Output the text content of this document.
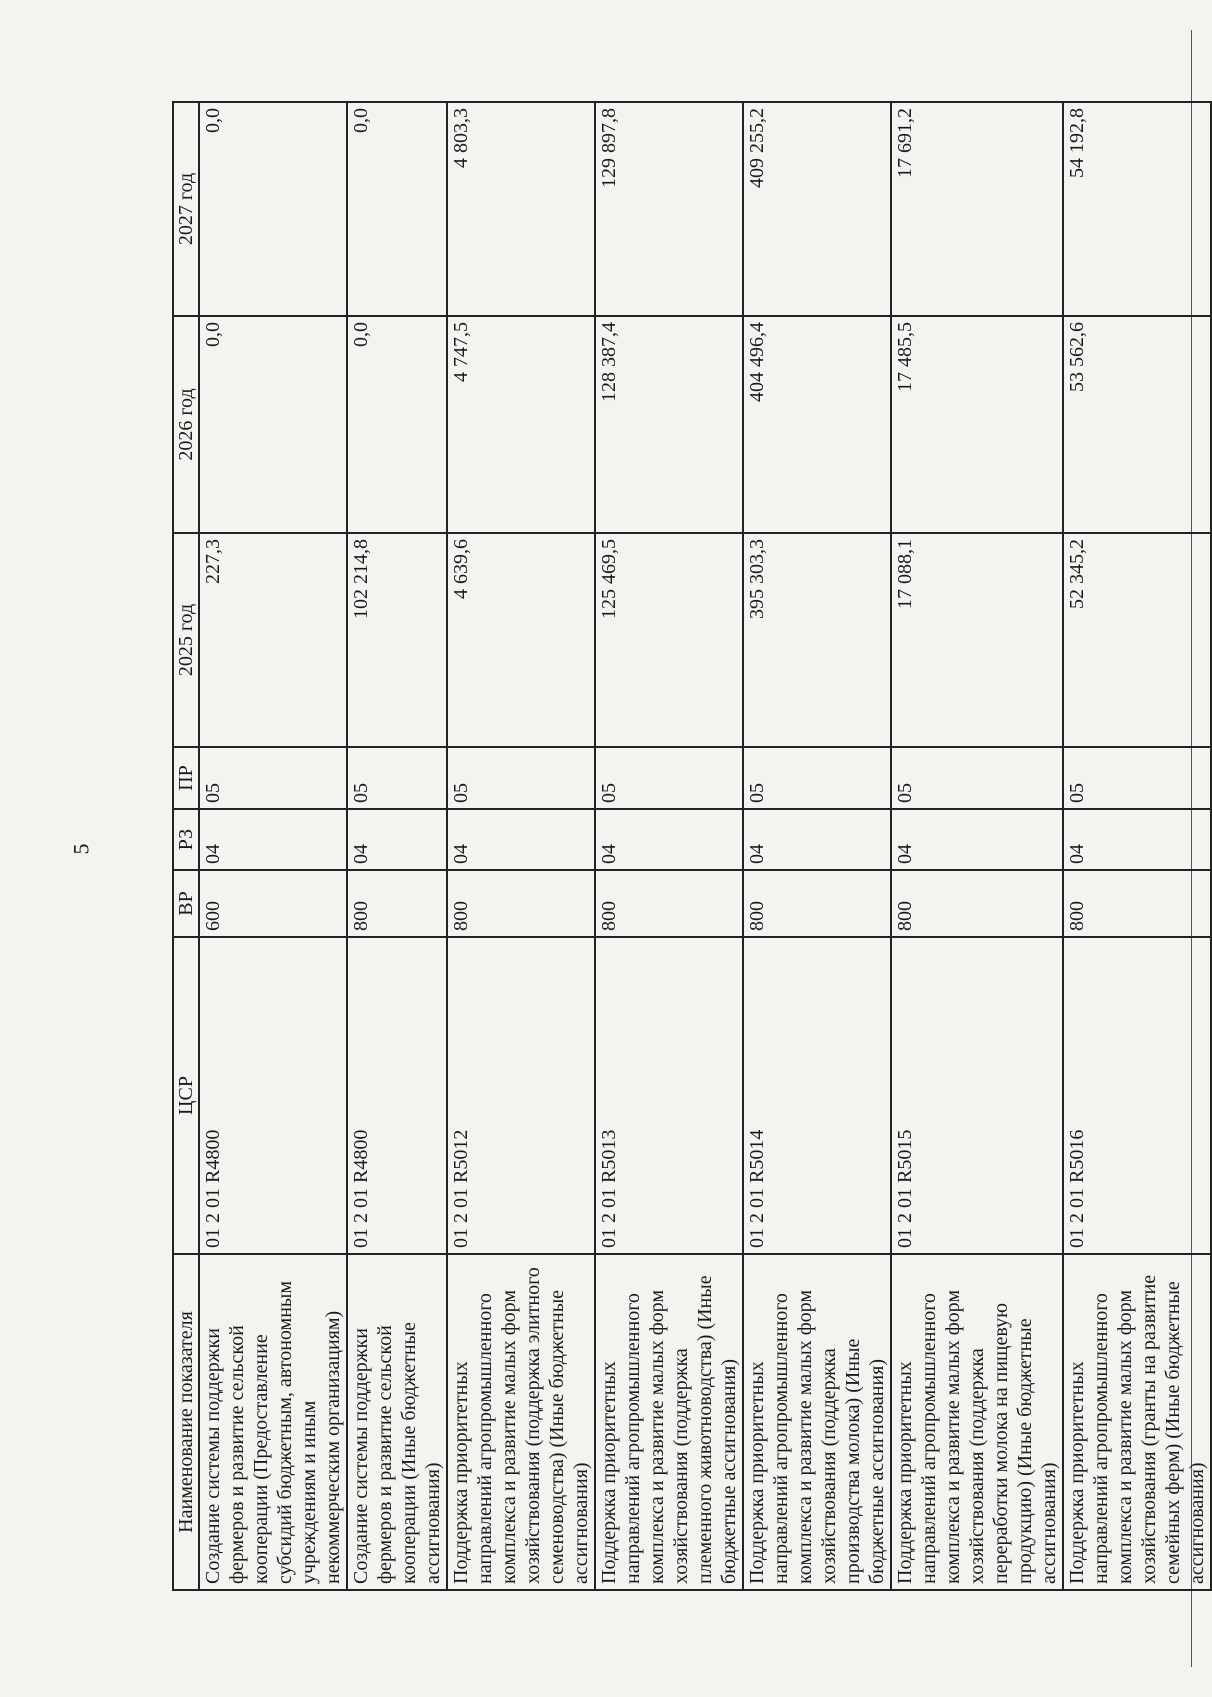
5
Наименование показателя	ЦСР	ВР	РЗ	ПР	2025 год	2026 год	2027 год
Создание системы поддержки фермеров и развитие сельской кооперации (Предоставление субсидий бюджетным, автономным учреждениям и иным некоммерческим организациям)	01 2 01 R4800	600	04	05	227,3	0,0	0,0
Создание системы поддержки фермеров и развитие сельской кооперации (Иные бюджетные ассигнования)	01 2 01 R4800	800	04	05	102 214,8	0,0	0,0
Поддержка приоритетных направлений агропромышленного комплекса и развитие малых форм хозяйствования (поддержка элитного семеноводства) (Иные бюджетные ассигнования)	01 2 01 R5012	800	04	05	4 639,6	4 747,5	4 803,3
Поддержка приоритетных направлений агропромышленного комплекса и развитие малых форм хозяйствования (поддержка племенного животноводства) (Иные бюджетные ассигнования)	01 2 01 R5013	800	04	05	125 469,5	128 387,4	129 897,8
Поддержка приоритетных направлений агропромышленного комплекса и развитие малых форм хозяйствования (поддержка производства молока) (Иные бюджетные ассигнования)	01 2 01 R5014	800	04	05	395 303,3	404 496,4	409 255,2
Поддержка приоритетных направлений агропромышленного комплекса и развитие малых форм хозяйствования (поддержка переработки молока на пищевую продукцию) (Иные бюджетные ассигнования)	01 2 01 R5015	800	04	05	17 088,1	17 485,5	17 691,2
Поддержка приоритетных направлений агропромышленного комплекса и развитие малых форм хозяйствования (гранты на развитие семейных ферм) (Иные бюджетные ассигнования)	01 2 01 R5016	800	04	05	52 345,2	53 562,6	54 192,8
